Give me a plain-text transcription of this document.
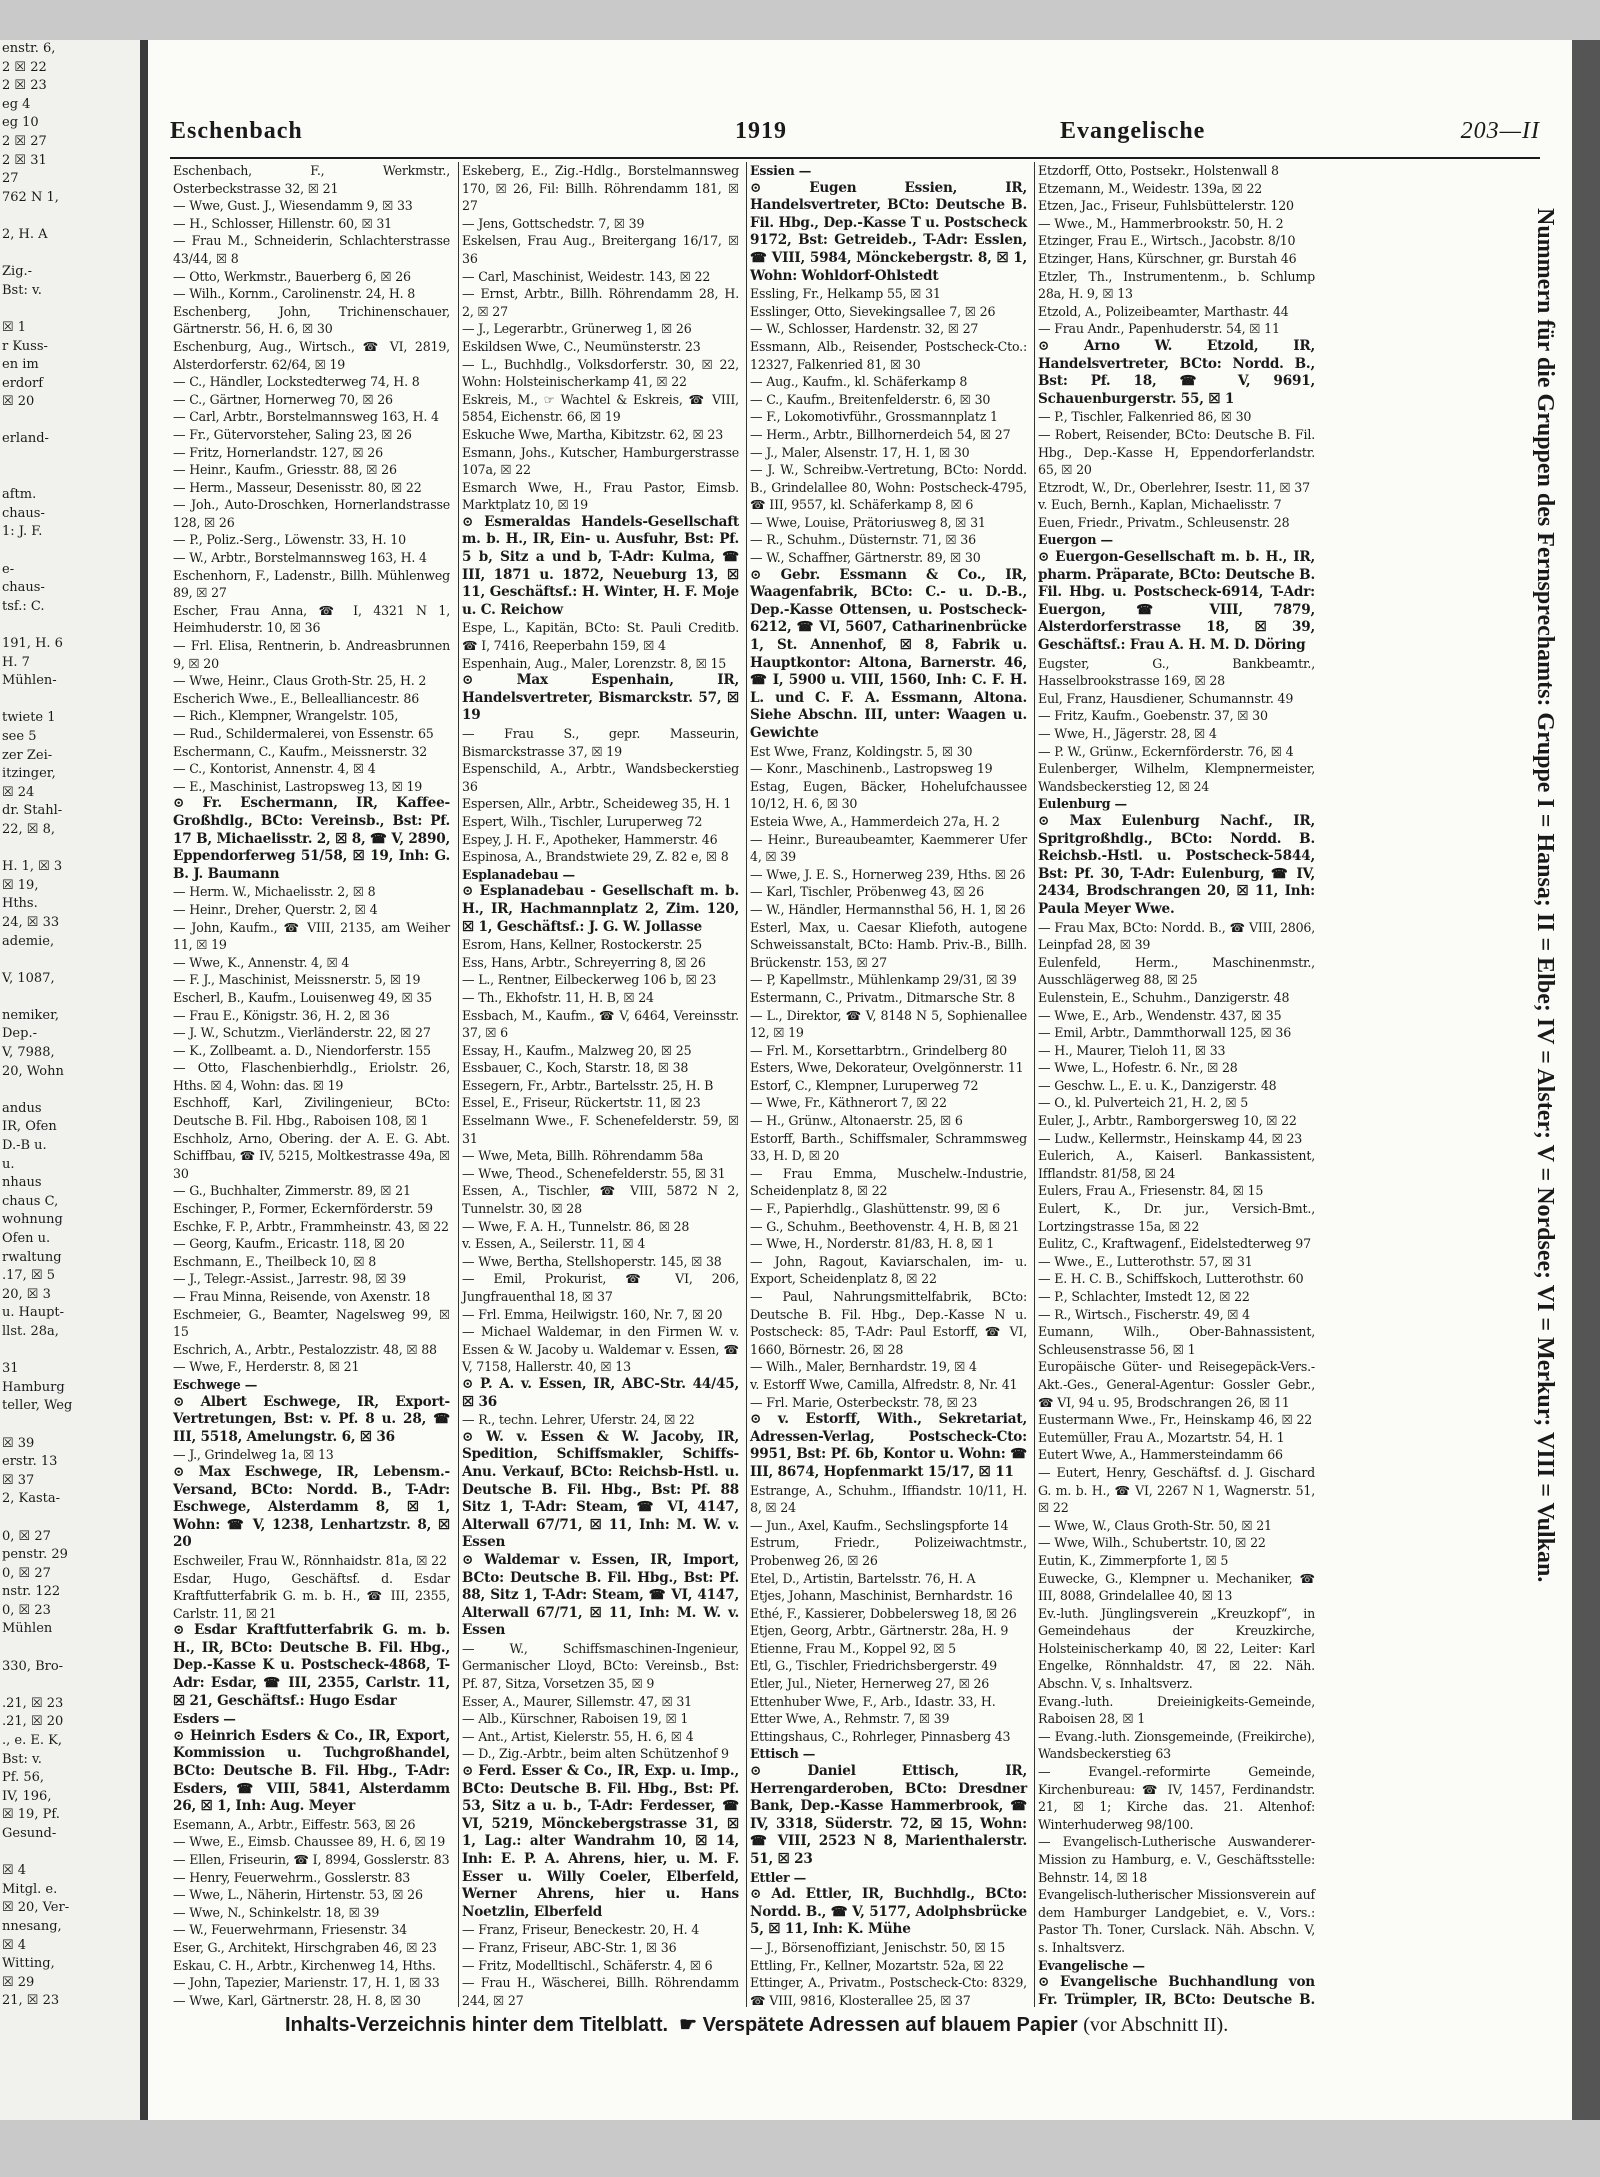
enstr. 6,
2 ☒ 22
2 ☒ 23
eg 4
eg 10
2 ☒ 27
2 ☒ 31
27
762 N 1,

2, H. A

Zig.-
Bst: v.

☒ 1
r Kuss-
en im
erdorf
☒ 20

erland-

aftm.
chaus-
1: J. F.

e-
chaus-
tsf.: C.

191, H. 6
H. 7
Mühlen-

twiete 1
see 5
zer Zei-
itzinger,
☒ 24
dr. Stahl-
22, ☒ 8,

H. 1, ☒ 3
☒ 19,
Hths.
24, ☒ 33
ademie,

V, 1087,

nemiker,
Dep.-
V, 7988,
20, Wohn

andus
IR, Ofen
D.-B u.
u.
nhaus
chaus C,
wohnung
Ofen u.
rwaltung
.17, ☒ 5
20, ☒ 3
u. Haupt-
llst. 28a,

31
Hamburg
teller, Weg

☒ 39
erstr. 13
☒ 37
2, Kasta-

0, ☒ 27
penstr. 29
0, ☒ 27
nstr. 122
0, ☒ 23
Mühlen

330, Bro-

.21, ☒ 23
.21, ☒ 20
., e. E. K,
Bst: v.
Pf. 56,
IV, 196,
☒ 19, Pf.
Gesund-

☒ 4
Mitgl. e.
☒ 20, Ver-
nnesang,
☒ 4
Witting,
☒ 29
21, ☒ 23
Eschenbach	1919	Evangelische	203—II
Eschenbach, F., Werkmstr., Osterbeckstrasse 32, ☒ 21
— Wwe, Gust. J., Wiesendamm 9, ☒ 33
— H., Schlosser, Hillenstr. 60, ☒ 31
— Frau M., Schneiderin, Schlachterstrasse 43/44, ☒ 8
— Otto, Werkmstr., Bauerberg 6, ☒ 26
— Wilh., Kornm., Carolinenstr. 24, H. 8
Eschenberg, John, Trichinenschauer, Gärtnerstr. 56, H. 6, ☒ 30
Eschenburg, Aug., Wirtsch., ☎ VI, 2819, Alsterdorferstr. 62/64, ☒ 19
— C., Händler, Lockstedterweg 74, H. 8
— C., Gärtner, Hornerweg 70, ☒ 26
— Carl, Arbtr., Borstelmannsweg 163, H. 4
— Fr., Gütervorsteher, Saling 23, ☒ 26
— Fritz, Hornerlandstr. 127, ☒ 26
— Heinr., Kaufm., Griesstr. 88, ☒ 26
— Herm., Masseur, Desenisstr. 80, ☒ 22
— Joh., Auto-Droschken, Hornerlandstrasse 128, ☒ 26
— P., Poliz.-Serg., Löwenstr. 33, H. 10
— W., Arbtr., Borstelmannsweg 163, H. 4
Eschenhorn, F., Ladenstr., Billh. Mühlenweg 89, ☒ 27
Escher, Frau Anna, ☎ I, 4321 N 1, Heimhuderstr. 10, ☒ 36
— Frl. Elisa, Rentnerin, b. Andreasbrunnen 9, ☒ 20
— Wwe, Heinr., Claus Groth-Str. 25, H. 2
Escherich Wwe., E., Bellealliancestr. 86
— Rich., Klempner, Wrangelstr. 105,
— Rud., Schildermalerei, von Essenstr. 65
Eschermann, C., Kaufm., Meissnerstr. 32
— C., Kontorist, Annenstr. 4, ☒ 4
— E., Maschinist, Lastropsweg 13, ☒ 19
⊙ Fr. Eschermann, IR, Kaffee-Großhdlg., BCto: Vereinsb., Bst: Pf. 17 B, Michaelisstr. 2, ☒ 8, ☎ V, 2890, Eppendorferweg 51/58, ☒ 19, Inh: G. B. J. Baumann
— Herm. W., Michaelisstr. 2, ☒ 8
— Heinr., Dreher, Querstr. 2, ☒ 4
— John, Kaufm., ☎ VIII, 2135, am Weiher 11, ☒ 19
— Wwe, K., Annenstr. 4, ☒ 4
— F. J., Maschinist, Meissnerstr. 5, ☒ 19
Escherl, B., Kaufm., Louisenweg 49, ☒ 35
— Frau E., Königstr. 36, H. 2, ☒ 36
— J. W., Schutzm., Vierländerstr. 22, ☒ 27
— K., Zollbeamt. a. D., Niendorferstr. 155
— Otto, Flaschenbierhdlg., Eriolstr. 26, Hths. ☒ 4, Wohn: das. ☒ 19
Eschhoff, Karl, Zivilingenieur, BCto: Deutsche B. Fil. Hbg., Raboisen 108, ☒ 1
Eschholz, Arno, Obering. der A. E. G. Abt. Schiffbau, ☎ IV, 5215, Moltkestrasse 49a, ☒ 30
— G., Buchhalter, Zimmerstr. 89, ☒ 21
Eschinger, P., Former, Eckernförderstr. 59
Eschke, F. P., Arbtr., Frammheinstr. 43, ☒ 22
— Georg, Kaufm., Ericastr. 118, ☒ 20
Eschmann, E., Theilbeck 10, ☒ 8
— J., Telegr.-Assist., Jarrestr. 98, ☒ 39
— Frau Minna, Reisende, von Axenstr. 18
Eschmeier, G., Beamter, Nagelsweg 99, ☒ 15
Eschrich, A., Arbtr., Pestalozzistr. 48, ☒ 88
— Wwe, F., Herderstr. 8, ☒ 21
Eschwege —
⊙ Albert Eschwege, IR, Export-Vertretungen, Bst: v. Pf. 8 u. 28, ☎ III, 5518, Amelungstr. 6, ☒ 36
— J., Grindelweg 1a, ☒ 13
⊙ Max Eschwege, IR, Lebensm.-Versand, BCto: Nordd. B., T-Adr: Eschwege, Alsterdamm 8, ☒ 1, Wohn: ☎ V, 1238, Lenhartzstr. 8, ☒ 20
Eschweiler, Frau W., Rönnhaidstr. 81a, ☒ 22
Esdar, Hugo, Geschäftsf. d. Esdar Kraftfutterfabrik G. m. b. H., ☎ III, 2355, Carlstr. 11, ☒ 21
⊙ Esdar Kraftfutterfabrik G. m. b. H., IR, BCto: Deutsche B. Fil. Hbg., Dep.-Kasse K u. Postscheck-4868, T-Adr: Esdar, ☎ III, 2355, Carlstr. 11, ☒ 21, Geschäftsf.: Hugo Esdar
Esders —
⊙ Heinrich Esders & Co., IR, Export, Kommission u. Tuchgroßhandel, BCto: Deutsche B. Fil. Hbg., T-Adr: Esders, ☎ VIII, 5841, Alsterdamm 26, ☒ 1, Inh: Aug. Meyer
Esemann, A., Arbtr., Eiffestr. 563, ☒ 26
— Wwe, E., Eimsb. Chaussee 89, H. 6, ☒ 19
— Ellen, Friseurin, ☎ I, 8994, Gosslerstr. 83
— Henry, Feuerwehrm., Gosslerstr. 83
— Wwe, L., Näherin, Hirtenstr. 53, ☒ 26
— Wwe, N., Schinkelstr. 18, ☒ 39
— W., Feuerwehrmann, Friesenstr. 34
Eser, G., Architekt, Hirschgraben 46, ☒ 23
Eskau, C. H., Arbtr., Kirchenweg 14, Hths.
— John, Tapezier, Marienstr. 17, H. 1, ☒ 33
— Wwe, Karl, Gärtnerstr. 28, H. 8, ☒ 30
Eskeberg, E., Zig.-Hdlg., Borstelmannsweg 170, ☒ 26, Fil: Billh. Röhrendamm 181, ☒ 27
— Jens, Gottschedstr. 7, ☒ 39
Eskelsen, Frau Aug., Breitergang 16/17, ☒ 36
— Carl, Maschinist, Weidestr. 143, ☒ 22
— Ernst, Arbtr., Billh. Röhrendamm 28, H. 2, ☒ 27
— J., Legerarbtr., Grünerweg 1, ☒ 26
Eskildsen Wwe, C., Neumünsterstr. 23
— L., Buchhdlg., Volksdorferstr. 30, ☒ 22, Wohn: Holsteinischerkamp 41, ☒ 22
Eskreis, M., ☞ Wachtel & Eskreis, ☎ VIII, 5854, Eichenstr. 66, ☒ 19
Eskuche Wwe, Martha, Kibitzstr. 62, ☒ 23
Esmann, Johs., Kutscher, Hamburgerstrasse 107a, ☒ 22
Esmarch Wwe, H., Frau Pastor, Eimsb. Marktplatz 10, ☒ 19
⊙ Esmeraldas Handels-Gesellschaft m. b. H., IR, Ein- u. Ausfuhr, Bst: Pf. 5 b, Sitz a und b, T-Adr: Kulma, ☎ III, 1871 u. 1872, Neueburg 13, ☒ 11, Geschäftsf.: H. Winter, H. F. Moje u. C. Reichow
Espe, L., Kapitän, BCto: St. Pauli Creditb. ☎ I, 7416, Reeperbahn 159, ☒ 4
Espenhain, Aug., Maler, Lorenzstr. 8, ☒ 15
⊙ Max Espenhain, IR, Handelsvertreter, Bismarckstr. 57, ☒ 19
— Frau S., gepr. Masseurin, Bismarckstrasse 37, ☒ 19
Espenschild, A., Arbtr., Wandsbeckerstieg 36
Espersen, Allr., Arbtr., Scheideweg 35, H. 1
Espert, Wilh., Tischler, Luruperweg 72
Espey, J. H. F., Apotheker, Hammerstr. 46
Espinosa, A., Brandstwiete 29, Z. 82 e, ☒ 8
Esplanadebau —
⊙ Esplanadebau - Gesellschaft m. b. H., IR, Hachmannplatz 2, Zim. 120, ☒ 1, Geschäftsf.: J. G. W. Jollasse
Esrom, Hans, Kellner, Rostockerstr. 25
Ess, Hans, Arbtr., Schreyerring 8, ☒ 26
— L., Rentner, Eilbeckerweg 106 b, ☒ 23
— Th., Ekhofstr. 11, H. B, ☒ 24
Essbach, M., Kaufm., ☎ V, 6464, Vereinsstr. 37, ☒ 6
Essay, H., Kaufm., Malzweg 20, ☒ 25
Essbauer, C., Koch, Starstr. 18, ☒ 38
Essegern, Fr., Arbtr., Bartelsstr. 25, H. B
Essel, E., Friseur, Rückertstr. 11, ☒ 23
Esselmann Wwe., F. Schenefelderstr. 59, ☒ 31
— Wwe, Meta, Billh. Röhrendamm 58a
— Wwe, Theod., Schenefelderstr. 55, ☒ 31
Essen, A., Tischler, ☎ VIII, 5872 N 2, Tunnelstr. 30, ☒ 28
— Wwe, F. A. H., Tunnelstr. 86, ☒ 28
v. Essen, A., Seilerstr. 11, ☒ 4
— Wwe, Bertha, Stellshoperstr. 145, ☒ 38
— Emil, Prokurist, ☎ VI, 206, Jungfrauenthal 18, ☒ 37
— Frl. Emma, Heilwigstr. 160, Nr. 7, ☒ 20
— Michael Waldemar, in den Firmen W. v. Essen & W. Jacoby u. Waldemar v. Essen, ☎ V, 7158, Hallerstr. 40, ☒ 13
⊙ P. A. v. Essen, IR, ABC-Str. 44/45, ☒ 36
— R., techn. Lehrer, Uferstr. 24, ☒ 22
⊙ W. v. Essen & W. Jacoby, IR, Spedition, Schiffsmakler, Schiffs-Anu. Verkauf, BCto: Reichsb-Hstl. u. Deutsche B. Fil. Hbg., Bst: Pf. 88 Sitz 1, T-Adr: Steam, ☎ VI, 4147, Alterwall 67/71, ☒ 11, Inh: M. W. v. Essen
⊙ Waldemar v. Essen, IR, Import, BCto: Deutsche B. Fil. Hbg., Bst: Pf. 88, Sitz 1, T-Adr: Steam, ☎ VI, 4147, Alterwall 67/71, ☒ 11, Inh: M. W. v. Essen
— W., Schiffsmaschinen-Ingenieur, Germanischer Lloyd, BCto: Vereinsb., Bst: Pf. 87, Sitza, Vorsetzen 35, ☒ 9
Esser, A., Maurer, Sillemstr. 47, ☒ 31
— Alb., Kürschner, Raboisen 19, ☒ 1
— Ant., Artist, Kielerstr. 55, H. 6, ☒ 4
— D., Zig.-Arbtr., beim alten Schützenhof 9
⊙ Ferd. Esser & Co., IR, Exp. u. Imp., BCto: Deutsche B. Fil. Hbg., Bst: Pf. 53, Sitz a u. b., T-Adr: Ferdesser, ☎ VI, 5219, Mönckebergstrasse 31, ☒ 1, Lag.: alter Wandrahm 10, ☒ 14, Inh: E. P. A. Ahrens, hier, u. M. F. Esser u. Willy Coeler, Elberfeld, Werner Ahrens, hier u. Hans Noetzlin, Elberfeld
— Franz, Friseur, Beneckestr. 20, H. 4
— Franz, Friseur, ABC-Str. 1, ☒ 36
— Fritz, Modelltischl., Schäferstr. 4, ☒ 6
— Frau H., Wäscherei, Billh. Röhrendamm 244, ☒ 27
Essien —
⊙ Eugen Essien, IR, Handelsvertreter, BCto: Deutsche B. Fil. Hbg., Dep.-Kasse T u. Postscheck 9172, Bst: Getreideb., T-Adr: Esslen, ☎ VIII, 5984, Mönckebergstr. 8, ☒ 1, Wohn: Wohldorf-Ohlstedt
Essling, Fr., Helkamp 55, ☒ 31
Esslinger, Otto, Sievekingsallee 7, ☒ 26
— W., Schlosser, Hardenstr. 32, ☒ 27
Essmann, Alb., Reisender, Postscheck-Cto.: 12327, Falkenried 81, ☒ 30
— Aug., Kaufm., kl. Schäferkamp 8
— C., Kaufm., Breitenfelderstr. 6, ☒ 30
— F., Lokomotivführ., Grossmannplatz 1
— Herm., Arbtr., Billhornerdeich 54, ☒ 27
— J., Maler, Alsenstr. 17, H. 1, ☒ 30
— J. W., Schreibw.-Vertretung, BCto: Nordd. B., Grindelallee 80, Wohn: Postscheck-4795, ☎ III, 9557, kl. Schäferkamp 8, ☒ 6
— Wwe, Louise, Prätoriusweg 8, ☒ 31
— R., Schuhm., Düsternstr. 71, ☒ 36
— W., Schaffner, Gärtnerstr. 89, ☒ 30
⊙ Gebr. Essmann & Co., IR, Waagenfabrik, BCto: C.- u. D.-B., Dep.-Kasse Ottensen, u. Postscheck-6212, ☎ VI, 5607, Catharinenbrücke 1, St. Annenhof, ☒ 8, Fabrik u. Hauptkontor: Altona, Barnerstr. 46, ☎ I, 5900 u. VIII, 1560, Inh: C. F. H. L. und C. F. A. Essmann, Altona. Siehe Abschn. III, unter: Waagen u. Gewichte
Est Wwe, Franz, Koldingstr. 5, ☒ 30
— Konr., Maschinenb., Lastropsweg 19
Estag, Eugen, Bäcker, Hohelufchaussee 10/12, H. 6, ☒ 30
Esteia Wwe, A., Hammerdeich 27a, H. 2
— Heinr., Bureaubeamter, Kaemmerer Ufer 4, ☒ 39
— Wwe, J. E. S., Hornerweg 239, Hths. ☒ 26
— Karl, Tischler, Pröbenweg 43, ☒ 26
— W., Händler, Hermannsthal 56, H. 1, ☒ 26
Esterl, Max, u. Caesar Kliefoth, autogene Schweissanstalt, BCto: Hamb. Priv.-B., Billh. Brückenstr. 153, ☒ 27
— P, Kapellmstr., Mühlenkamp 29/31, ☒ 39
Estermann, C., Privatm., Ditmarsche Str. 8
— L., Direktor, ☎ V, 8148 N 5, Sophienallee 12, ☒ 19
— Frl. M., Korsettarbtrn., Grindelberg 80
Esters, Wwe, Dekorateur, Ovelgönnerstr. 11
Estorf, C., Klempner, Luruperweg 72
— Wwe, Fr., Käthnerort 7, ☒ 22
— H., Grünw., Altonaerstr. 25, ☒ 6
Estorff, Barth., Schiffsmaler, Schrammsweg 33, H. D, ☒ 20
— Frau Emma, Muschelw.-Industrie, Scheidenplatz 8, ☒ 22
— F., Papierhdlg., Glashüttenstr. 99, ☒ 6
— G., Schuhm., Beethovenstr. 4, H. B, ☒ 21
— Wwe, H., Norderstr. 81/83, H. 8, ☒ 1
— John, Ragout, Kaviarschalen, im- u. Export, Scheidenplatz 8, ☒ 22
— Paul, Nahrungsmittelfabrik, BCto: Deutsche B. Fil. Hbg., Dep.-Kasse N u. Postscheck: 85, T-Adr: Paul Estorff, ☎ VI, 1660, Börnestr. 26, ☒ 28
— Wilh., Maler, Bernhardstr. 19, ☒ 4
v. Estorff Wwe, Camilla, Alfredstr. 8, Nr. 41
— Frl. Marie, Osterbeckstr. 78, ☒ 23
⊙ v. Estorff, With., Sekretariat, Adressen-Verlag, Postscheck-Cto: 9951, Bst: Pf. 6b, Kontor u. Wohn: ☎ III, 8674, Hopfenmarkt 15/17, ☒ 11
Estrange, A., Schuhm., Iffiandstr. 10/11, H. 8, ☒ 24
— Jun., Axel, Kaufm., Sechslingspforte 14
Estrum, Friedr., Polizeiwachtmstr., Probenweg 26, ☒ 26
Etel, D., Artistin, Bartelsstr. 76, H. A
Etjes, Johann, Maschinist, Bernhardstr. 16
Ethé, F., Kassierer, Dobbelersweg 18, ☒ 26
Etjen, Georg, Arbtr., Gärtnerstr. 28a, H. 9
Etienne, Frau M., Koppel 92, ☒ 5
Etl, G., Tischler, Friedrichsbergerstr. 49
Etler, Jul., Nieter, Hernerweg 27, ☒ 26
Ettenhuber Wwe, F., Arb., Idastr. 33, H.
Etter Wwe, A., Rehmstr. 7, ☒ 39
Ettingshaus, C., Rohrleger, Pinnasberg 43
Ettisch —
⊙ Daniel Ettisch, IR, Herrengarderoben, BCto: Dresdner Bank, Dep.-Kasse Hammerbrook, ☎ IV, 3318, Süderstr. 72, ☒ 15, Wohn: ☎ VIII, 2523 N 8, Marienthalerstr. 51, ☒ 23
Ettler —
⊙ Ad. Ettler, IR, Buchhdlg., BCto: Nordd. B., ☎ V, 5177, Adolphsbrücke 5, ☒ 11, Inh: K. Mühe
— J., Börsenoffiziant, Jenischstr. 50, ☒ 15
Ettling, Fr., Kellner, Mozartstr. 52a, ☒ 22
Ettinger, A., Privatm., Postscheck-Cto: 8329, ☎ VIII, 9816, Klosterallee 25, ☒ 37
Etzdorff, Otto, Postsekr., Holstenwall 8
Etzemann, M., Weidestr. 139a, ☒ 22
Etzen, Jac., Friseur, Fuhlsbüttelerstr. 120
— Wwe., M., Hammerbrookstr. 50, H. 2
Etzinger, Frau E., Wirtsch., Jacobstr. 8/10
Etzinger, Hans, Kürschner, gr. Burstah 46
Etzler, Th., Instrumentenm., b. Schlump 28a, H. 9, ☒ 13
Etzold, A., Polizeibeamter, Marthastr. 44
— Frau Andr., Papenhuderstr. 54, ☒ 11
⊙ Arno W. Etzold, IR, Handelsvertreter, BCto: Nordd. B., Bst: Pf. 18, ☎ V, 9691, Schauenburgerstr. 55, ☒ 1
— P., Tischler, Falkenried 86, ☒ 30
— Robert, Reisender, BCto: Deutsche B. Fil. Hbg., Dep.-Kasse H, Eppendorferlandstr. 65, ☒ 20
Etzrodt, W., Dr., Oberlehrer, Isestr. 11, ☒ 37
v. Euch, Bernh., Kaplan, Michaelisstr. 7
Euen, Friedr., Privatm., Schleusenstr. 28
Euergon —
⊙ Euergon-Gesellschaft m. b. H., IR, pharm. Präparate, BCto: Deutsche B. Fil. Hbg. u. Postscheck-6914, T-Adr: Euergon, ☎ VIII, 7879, Alsterdorferstrasse 18, ☒ 39, Geschäftsf.: Frau A. H. M. D. Döring
Eugster, G., Bankbeamtr., Hasselbrookstrasse 169, ☒ 28
Eul, Franz, Hausdiener, Schumannstr. 49
— Fritz, Kaufm., Goebenstr. 37, ☒ 30
— Wwe, H., Jägerstr. 28, ☒ 4
— P. W., Grünw., Eckernförderstr. 76, ☒ 4
Eulenberger, Wilhelm, Klempnermeister, Wandsbeckerstieg 12, ☒ 24
Eulenburg —
⊙ Max Eulenburg Nachf., IR, Spritgroßhdlg., BCto: Nordd. B. Reichsb.-Hstl. u. Postscheck-5844, Bst: Pf. 30, T-Adr: Eulenburg, ☎ IV, 2434, Brodschrangen 20, ☒ 11, Inh: Paula Meyer Wwe.
— Frau Max, BCto: Nordd. B., ☎ VIII, 2806, Leinpfad 28, ☒ 39
Eulenfeld, Herm., Maschinenmstr., Ausschlägerweg 88, ☒ 25
Eulenstein, E., Schuhm., Danzigerstr. 48
— Wwe, E., Arb., Wendenstr. 437, ☒ 35
— Emil, Arbtr., Dammthorwall 125, ☒ 36
— H., Maurer, Tieloh 11, ☒ 33
— Wwe, L., Hofestr. 6. Nr., ☒ 28
— Geschw. L., E. u. K., Danzigerstr. 48
— O., kl. Pulverteich 21, H. 2, ☒ 5
Euler, J., Arbtr., Ramborgersweg 10, ☒ 22
— Ludw., Kellermstr., Heinskamp 44, ☒ 23
Eulerich, A., Kaiserl. Bankassistent, Ifflandstr. 81/58, ☒ 24
Eulers, Frau A., Friesenstr. 84, ☒ 15
Eulert, K., Dr. jur., Versich-Bmt., Lortzingstrasse 15a, ☒ 22
Eulitz, C., Kraftwagenf., Eidelstedterweg 97
— Wwe., E., Lutterothstr. 57, ☒ 31
— E. H. C. B., Schiffskoch, Lutterothstr. 60
— P., Schlachter, Imstedt 12, ☒ 22
— R., Wirtsch., Fischerstr. 49, ☒ 4
Eumann, Wilh., Ober-Bahnassistent, Schleusenstrasse 56, ☒ 1
Europäische Güter- und Reisegepäck-Vers.-Akt.-Ges., General-Agentur: Gossler Gebr., ☎ VI, 94 u. 95, Brodschrangen 26, ☒ 11
Eustermann Wwe., Fr., Heinskamp 46, ☒ 22
Eutemüller, Frau A., Mozartstr. 54, H. 1
Eutert Wwe, A., Hammersteindamm 66
— Eutert, Henry, Geschäftsf. d. J. Gischard G. m. b. H., ☎ VI, 2267 N 1, Wagnerstr. 51, ☒ 22
— Wwe, W., Claus Groth-Str. 50, ☒ 21
— Wwe, Wilh., Schubertstr. 10, ☒ 22
Eutin, K., Zimmerpforte 1, ☒ 5
Euwecke, G., Klempner u. Mechaniker, ☎ III, 8088, Grindelallee 40, ☒ 13
Ev.-luth. Jünglingsverein „Kreuzkopf“, in Gemeindehaus der Kreuzkirche, Holsteinischerkamp 40, ☒ 22, Leiter: Karl Engelke, Rönnhaldstr. 47, ☒ 22. Näh. Abschn. V, s. Inhaltsverz.
Evang.-luth. Dreieinigkeits-Gemeinde, Raboisen 28, ☒ 1
— Evang.-luth. Zionsgemeinde, (Freikirche), Wandsbeckerstieg 63
— Evangel.-reformirte Gemeinde, Kirchenbureau: ☎ IV, 1457, Ferdinandstr. 21, ☒ 1; Kirche das. 21. Altenhof: Winterhuderweg 98/100.
— Evangelisch-Lutherische Auswanderer-Mission zu Hamburg, e. V., Geschäftsstelle: Behnstr. 14, ☒ 18
Evangelisch-lutherischer Missionsverein auf dem Hamburger Landgebiet, e. V., Vors.: Pastor Th. Toner, Curslack. Näh. Abschn. V, s. Inhaltsverz.
Evangelische —
⊙ Evangelische Buchhandlung von Fr. Trümpler, IR, BCto: Deutsche B.
Nummern für die Gruppen des Fernsprechamts: Gruppe I = Hansa; II = Elbe; IV = Alster; V = Nordsee; VI = Merkur; VIII = Vulkan.
Inhalts-Verzeichnis hinter dem Titelblatt. ☛ Verspätete Adressen auf blauem Papier (vor Abschnitt II).
